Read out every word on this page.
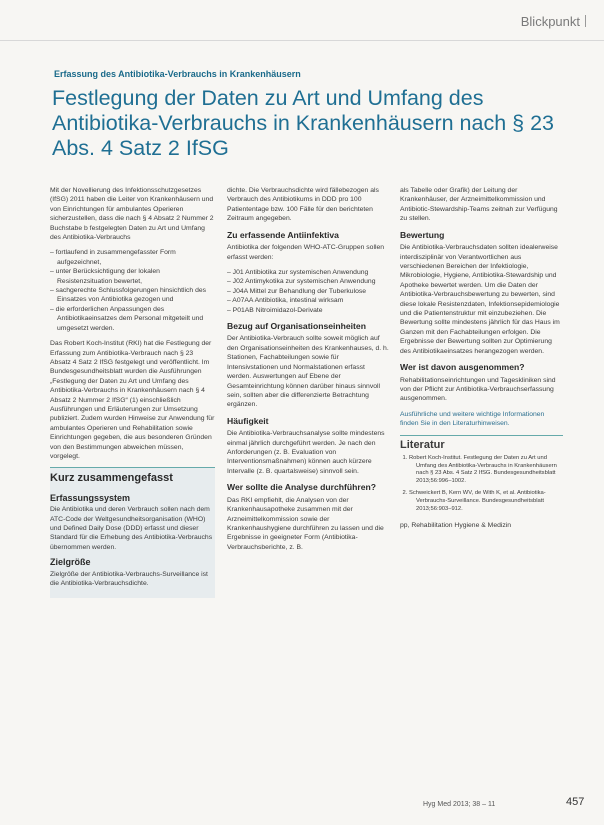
Blickpunkt
Erfassung des Antibiotika-Verbrauchs in Krankenhäusern
Festlegung der Daten zu Art und Umfang des Antibiotika-Verbrauchs in Krankenhäusern nach § 23 Abs. 4 Satz 2 IfSG

Mit der Novellierung des Infektionsschutzgesetzes (IfSG) 2011 haben die Leiter von Krankenhäusern und von Einrichtungen für ambulantes Operieren sicherzustellen, dass die nach § 4 Absatz 2 Nummer 2 Buchstabe b festgelegten Daten zu Art und Umfang des Antibiotika-Verbrauchs

– fortlaufend in zusammengefasster Form aufgezeichnet,
– unter Berücksichtigung der lokalen Resistenzsituation bewertet,
– sachgerechte Schlussfolgerungen hinsichtlich des Einsatzes von Antibiotika gezogen und
– die erforderlichen Anpassungen des Antibiotikaeinsatzes dem Personal mitgeteilt und umgesetzt werden.

Das Robert Koch-Institut (RKI) hat die Festlegung der Erfassung zum Antibiotika-Verbrauch nach § 23 Absatz 4 Satz 2 IfSG festgelegt und veröffentlicht. Im Bundesgesundheitsblatt wurden die Ausführungen „Festlegung der Daten zu Art und Umfang des Antibiotika-Verbrauchs in Krankenhäusern nach § 4 Absatz 2 Nummer 2 IfSG“ (1) einschließlich Ausführungen und Erläuterungen zur Umsetzung publiziert. Zudem wurden Hinweise zur Anwendung für ambulantes Operieren und Rehabilitation sowie Einrichtungen gegeben, die aus besonderen Gründen von den Bestimmungen abweichen müssen, vorgelegt.

Kurz zusammengefasst
Erfassungssystem

Die Antibiotika und deren Verbrauch sollen nach dem ATC-Code der Weltgesundheitsorganisation (WHO) und Defined Daily Dose (DDD) erfasst und dieser Standard für die Erhebung des Antibiotika-Verbrauchs übernommen werden.

Zielgröße

Zielgröße der Antibiotika-Verbrauchs-Surveillance ist die Antibiotika-Verbrauchsdichte.

dichte. Die Verbrauchsdichte wird fällebezogen als Verbrauch des Antibiotikums in DDD pro 100 Patiententage bzw. 100 Fälle für den berichteten Zeitraum angegeben.

Zu erfassende Antiinfektiva

Antibiotika der folgenden WHO-ATC-Gruppen sollen erfasst werden:

– J01 Antibiotika zur systemischen Anwendung
– J02 Antimykotika zur systemischen Anwendung
– J04A Mittel zur Behandlung der Tuberkulose
– A07AA Antibiotika, intestinal wirksam
– P01AB Nitroimidazol-Derivate
Bezug auf Organisationseinheiten

Der Antibiotika-Verbrauch sollte soweit möglich auf den Organisationseinheiten des Krankenhauses, d. h. Stationen, Fachabteilungen sowie für Intensivstationen und Normalstationen erfasst werden. Auswertungen auf Ebene der Gesamteinrichtung können darüber hinaus sinnvoll sein, sollten aber die differenzierte Betrachtung ergänzen.

Häufigkeit

Die Antibiotika-Verbrauchsanalyse sollte mindestens einmal jährlich durchgeführt werden. Je nach den Anforderungen (z. B. Evaluation von Interventionsmaßnahmen) können auch kürzere Intervalle (z. B. quartalsweise) sinnvoll sein.

Wer sollte die Analyse durchführen?

Das RKI empfiehlt, die Analysen von der Krankenhausapotheke zusammen mit der Arzneimittelkommission sowie der Krankenhaushygiene durchführen zu lassen und die Ergebnisse in geeigneter Form (Antibiotika-Verbrauchsberichte, z. B.

als Tabelle oder Grafik) der Leitung der Krankenhäuser, der Arzneimittelkommission und Antibiotic-Stewardship-Teams zeitnah zur Verfügung zu stellen.

Bewertung

Die Antibiotika-Verbrauchsdaten sollten idealerweise interdisziplinär von Verantwortlichen aus verschiedenen Bereichen der Infektiologie, Mikrobiologie, Hygiene, Antibiotika-Stewardship und Apotheke bewertet werden. Um die Daten der Antibiotika-Verbrauchsbewertung zu bewerten, sind diese lokale Resistenzdaten, Infektionsepidemiologie und die Patientenstruktur mit einzubeziehen. Die Bewertung sollte mindestens jährlich für das Haus im Ganzen mit den Fachabteilungen erfolgen. Die Ergebnisse der Bewertung sollten zur Optimierung des Antibiotikaeinsatzes herangezogen werden.

Wer ist davon ausgenommen?

Rehabilitationseinrichtungen und Tageskliniken sind von der Pflicht zur Antibiotika-Verbrauchserfassung ausgenommen.

Ausführliche und weitere wichtige Informationen finden Sie in den Literaturhinweisen.

Literatur
1. Robert Koch-Institut. Festlegung der Daten zu Art und Umfang des Antibiotika-Verbrauchs in Krankenhäusern nach § 23 Abs. 4 Satz 2 IfSG. Bundesgesundheitsblatt 2013;56:996–1002.
2. Schweickert B, Kern WV, de With K, et al. Antibiotika-Verbrauchs-Surveillance. Bundesgesundheitsblatt 2013;56:903–912.
pp, Rehabilitation Hygiene & Medizin
Hyg Med 2013; 38 – 11	457
